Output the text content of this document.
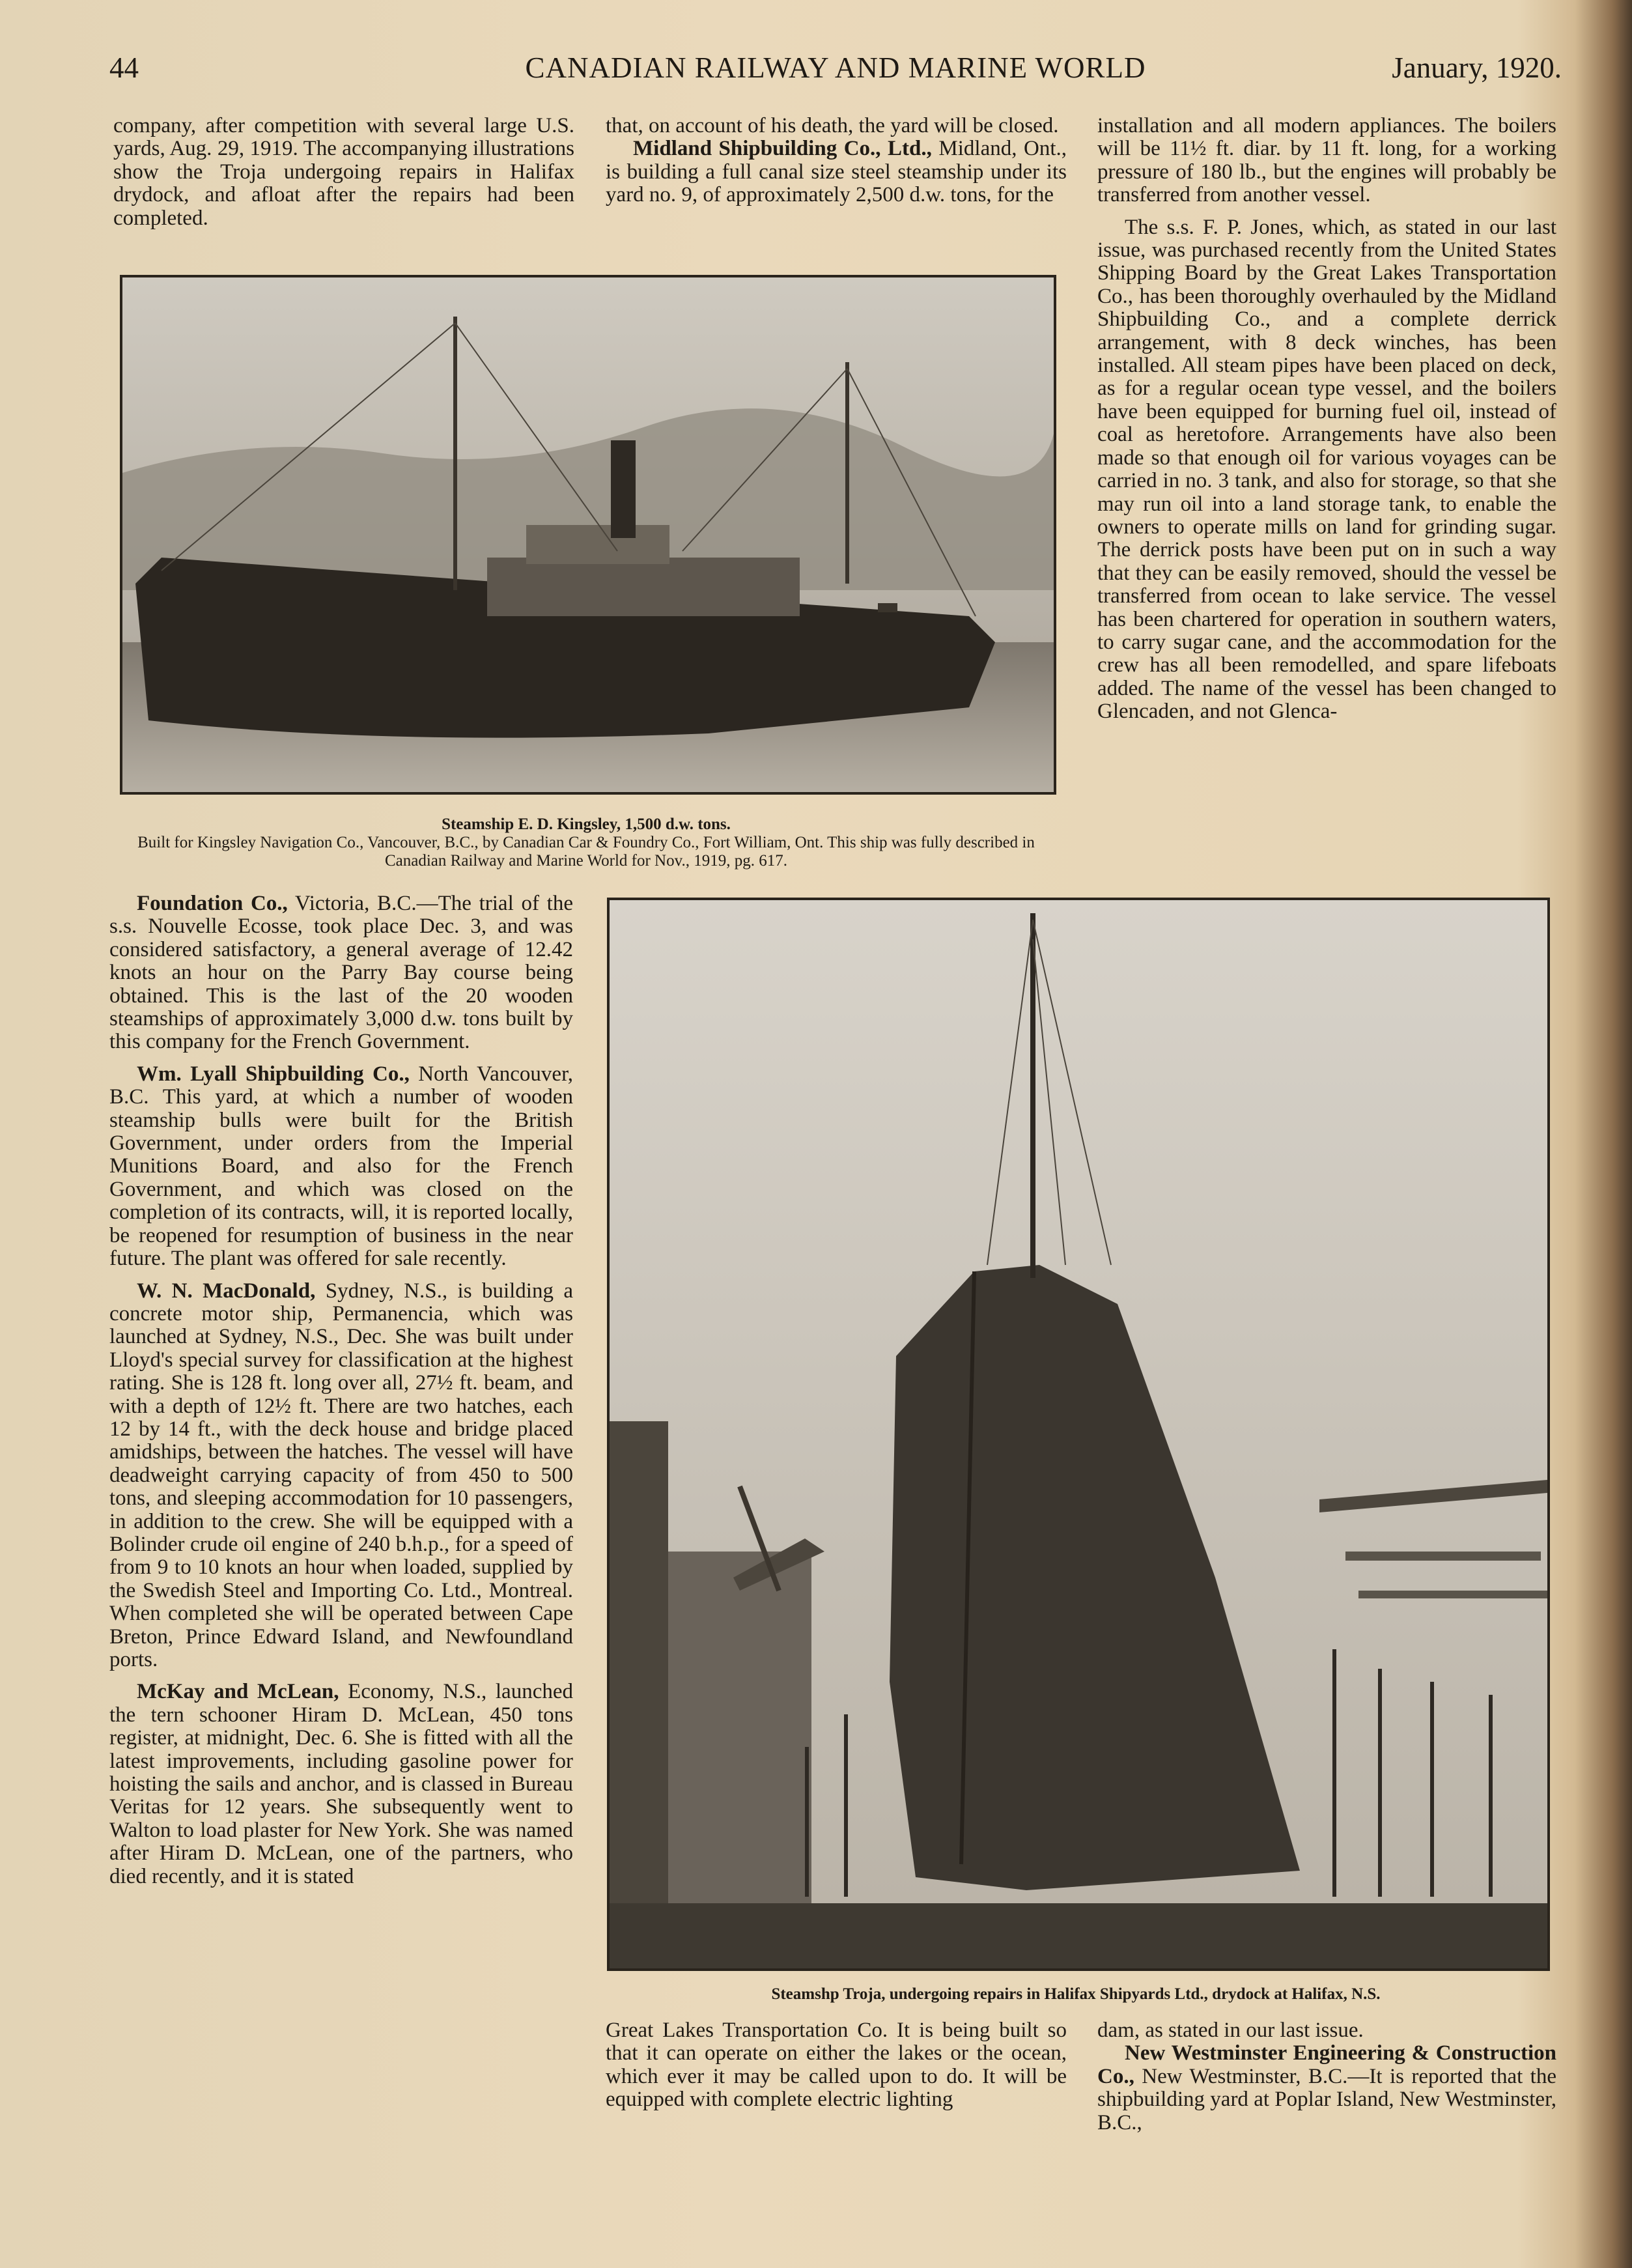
44	CANADIAN RAILWAY AND MARINE WORLD	January, 1920.

company, after competition with several large U.S. yards, Aug. 29, 1919. The accompanying illustrations show the Troja undergoing repairs in Halifax drydock, and afloat after the repairs had been completed.

that, on account of his death, the yard will be closed.

Midland Shipbuilding Co., Ltd., Midland, Ont., is building a full canal size steel steamship under its yard no. 9, of approximately 2,500 d.w. tons, for the

installation and all modern appliances. The boilers will be 11½ ft. diar. by 11 ft. long, for a working pressure of 180 lb., but the engines will probably be transferred from another vessel.

The s.s. F. P. Jones, which, as stated in our last issue, was purchased recently from the United States Shipping Board by the Great Lakes Transportation Co., has been thoroughly overhauled by the Midland Shipbuilding Co., and a complete derrick arrangement, with 8 deck winches, has been installed. All steam pipes have been placed on deck, as for a regular ocean type vessel, and the boilers have been equipped for burning fuel oil, instead of coal as heretofore. Arrangements have also been made so that enough oil for various voyages can be carried in no. 3 tank, and also for storage, so that she may run oil into a land storage tank, to enable the owners to operate mills on land for grinding sugar. The derrick posts have been put on in such a way that they can be easily removed, should the vessel be transferred from ocean to lake service. The vessel has been chartered for operation in southern waters, to carry sugar cane, and the accommodation for the crew has all been remodelled, and spare lifeboats added. The name of the vessel has been changed to Glencaden, and not Glenca-

Steamship E. D. Kingsley, 1,500 d.w. tons.
Built for Kingsley Navigation Co., Vancouver, B.C., by Canadian Car & Foundry Co., Fort William, Ont. This ship was fully described in Canadian Railway and Marine World for Nov., 1919, pg. 617.

Foundation Co., Victoria, B.C.—The trial of the s.s. Nouvelle Ecosse, took place Dec. 3, and was considered satisfactory, a general average of 12.42 knots an hour on the Parry Bay course being obtained. This is the last of the 20 wooden steamships of approximately 3,000 d.w. tons built by this company for the French Government.

Wm. Lyall Shipbuilding Co., North Vancouver, B.C. This yard, at which a number of wooden steamship bulls were built for the British Government, under orders from the Imperial Munitions Board, and also for the French Government, and which was closed on the completion of its contracts, will, it is reported locally, be reopened for resumption of business in the near future. The plant was offered for sale recently.

W. N. MacDonald, Sydney, N.S., is building a concrete motor ship, Permanencia, which was launched at Sydney, N.S., Dec. She was built under Lloyd's special survey for classification at the highest rating. She is 128 ft. long over all, 27½ ft. beam, and with a depth of 12½ ft. There are two hatches, each 12 by 14 ft., with the deck house and bridge placed amidships, between the hatches. The vessel will have deadweight carrying capacity of from 450 to 500 tons, and sleeping accommodation for 10 passengers, in addition to the crew. She will be equipped with a Bolinder crude oil engine of 240 b.h.p., for a speed of from 9 to 10 knots an hour when loaded, supplied by the Swedish Steel and Importing Co. Ltd., Montreal. When completed she will be operated between Cape Breton, Prince Edward Island, and Newfoundland ports.

McKay and McLean, Economy, N.S., launched the tern schooner Hiram D. McLean, 450 tons register, at midnight, Dec. 6. She is fitted with all the latest improvements, including gasoline power for hoisting the sails and anchor, and is classed in Bureau Veritas for 12 years. She subsequently went to Walton to load plaster for New York. She was named after Hiram D. McLean, one of the partners, who died recently, and it is stated

Steamshp Troja, undergoing repairs in Halifax Shipyards Ltd., drydock at Halifax, N.S.

Great Lakes Transportation Co. It is being built so that it can operate on either the lakes or the ocean, which ever it may be called upon to do. It will be equipped with complete electric lighting

dam, as stated in our last issue.

New Westminster Engineering & Construction Co., New Westminster, B.C.—It is reported that the shipbuilding yard at Poplar Island, New Westminster, B.C.,
